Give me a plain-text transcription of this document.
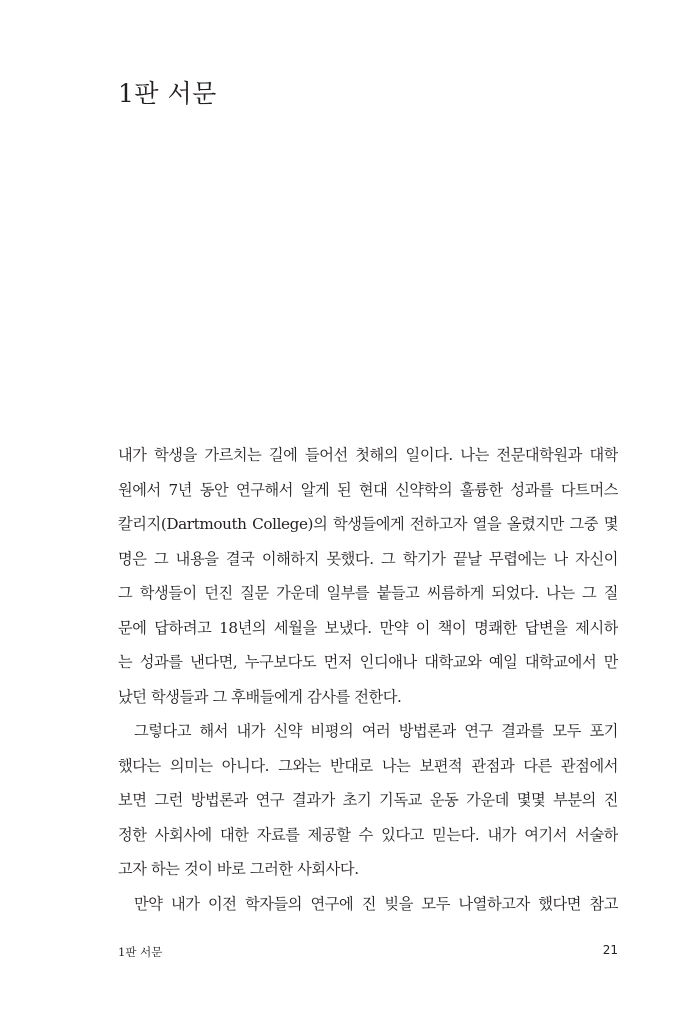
1판 서문
내가 학생을 가르치는 길에 들어선 첫해의 일이다. 나는 전문대학원과 대학
원에서 7년 동안 연구해서 알게 된 현대 신약학의 훌륭한 성과를 다트머스
칼리지(Dartmouth College)의 학생들에게 전하고자 열을 올렸지만 그중 몇
명은 그 내용을 결국 이해하지 못했다. 그 학기가 끝날 무렵에는 나 자신이
그 학생들이 던진 질문 가운데 일부를 붙들고 씨름하게 되었다. 나는 그 질
문에 답하려고 18년의 세월을 보냈다. 만약 이 책이 명쾌한 답변을 제시하
는 성과를 낸다면, 누구보다도 먼저 인디애나 대학교와 예일 대학교에서 만
났던 학생들과 그 후배들에게 감사를 전한다.
그렇다고 해서 내가 신약 비평의 여러 방법론과 연구 결과를 모두 포기
했다는 의미는 아니다. 그와는 반대로 나는 보편적 관점과 다른 관점에서
보면 그런 방법론과 연구 결과가 초기 기독교 운동 가운데 몇몇 부분의 진
정한 사회사에 대한 자료를 제공할 수 있다고 믿는다. 내가 여기서 서술하
고자 하는 것이 바로 그러한 사회사다.
만약 내가 이전 학자들의 연구에 진 빚을 모두 나열하고자 했다면 참고
1판 서문	21
